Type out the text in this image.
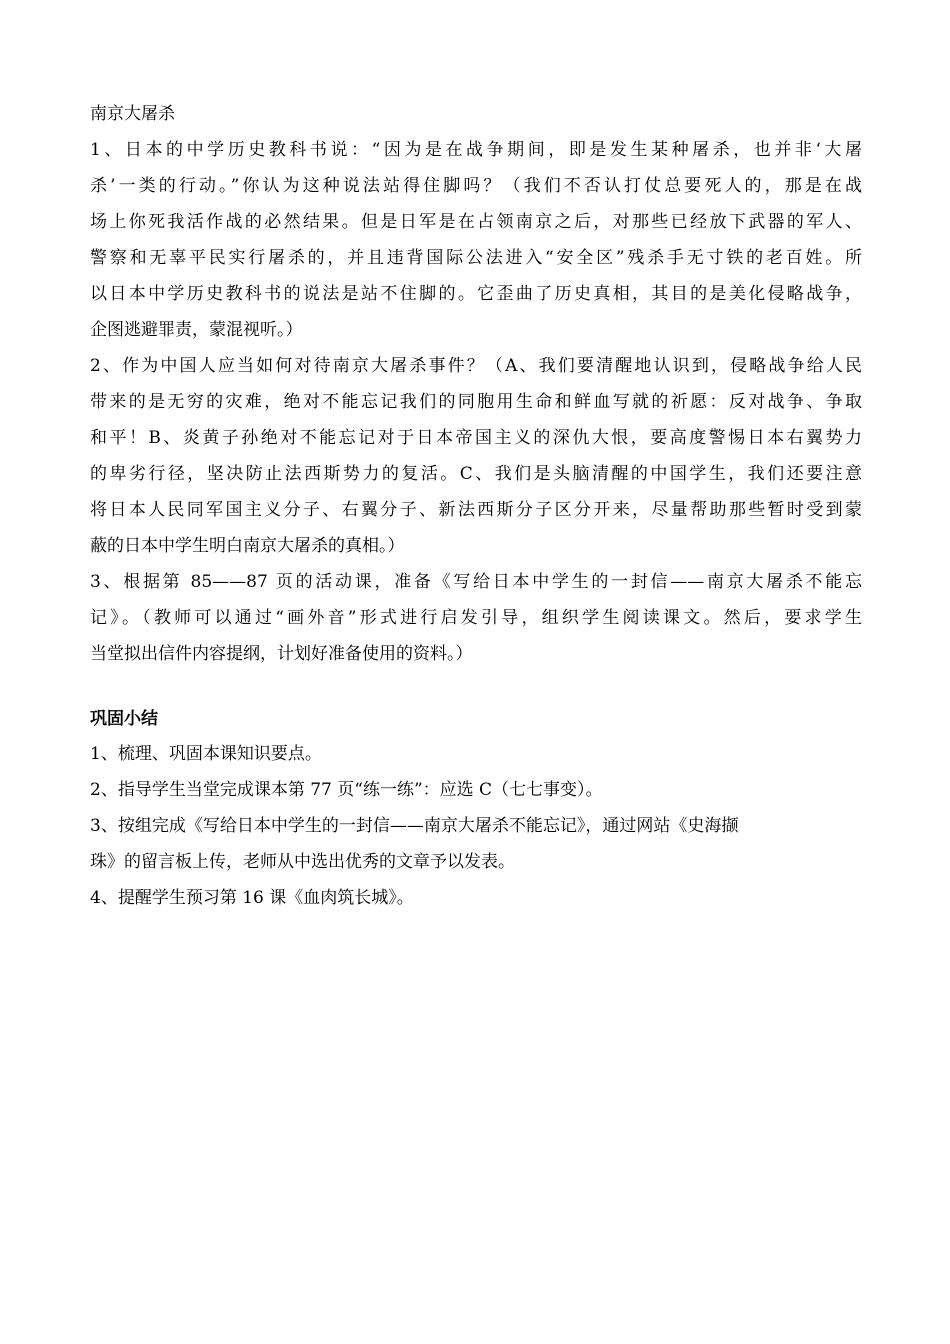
南京大屠杀
1、日本的中学历史教科书说：“因为是在战争期间，即是发生某种屠杀，也并非‘大屠
杀’一类的行动。”你认为这种说法站得住脚吗？（我们不否认打仗总要死人的，那是在战
场上你死我活作战的必然结果。但是日军是在占领南京之后，对那些已经放下武器的军人、
警察和无辜平民实行屠杀的，并且违背国际公法进入“安全区”残杀手无寸铁的老百姓。所
以日本中学历史教科书的说法是站不住脚的。它歪曲了历史真相，其目的是美化侵略战争，
企图逃避罪责，蒙混视听。）
2、作为中国人应当如何对待南京大屠杀事件？（A、我们要清醒地认识到，侵略战争给人民
带来的是无穷的灾难，绝对不能忘记我们的同胞用生命和鲜血写就的祈愿：反对战争、争取
和平！B、炎黄子孙绝对不能忘记对于日本帝国主义的深仇大恨，要高度警惕日本右翼势力
的卑劣行径，坚决防止法西斯势力的复活。C、我们是头脑清醒的中国学生，我们还要注意
将日本人民同军国主义分子、右翼分子、新法西斯分子区分开来，尽量帮助那些暂时受到蒙
蔽的日本中学生明白南京大屠杀的真相。）
3、根据第 85——87 页的活动课，准备《写给日本中学生的一封信——南京大屠杀不能忘
记》。（教师可以通过“画外音”形式进行启发引导，组织学生阅读课文。然后，要求学生
当堂拟出信件内容提纲，计划好准备使用的资料。）
巩固小结
1、梳理、巩固本课知识要点。
2、指导学生当堂完成课本第 77 页“练一练”：应选 C（七七事变）。
3、按组完成《写给日本中学生的一封信——南京大屠杀不能忘记》，通过网站《史海撷
珠》的留言板上传，老师从中选出优秀的文章予以发表。
4、提醒学生预习第 16 课《血肉筑长城》。
